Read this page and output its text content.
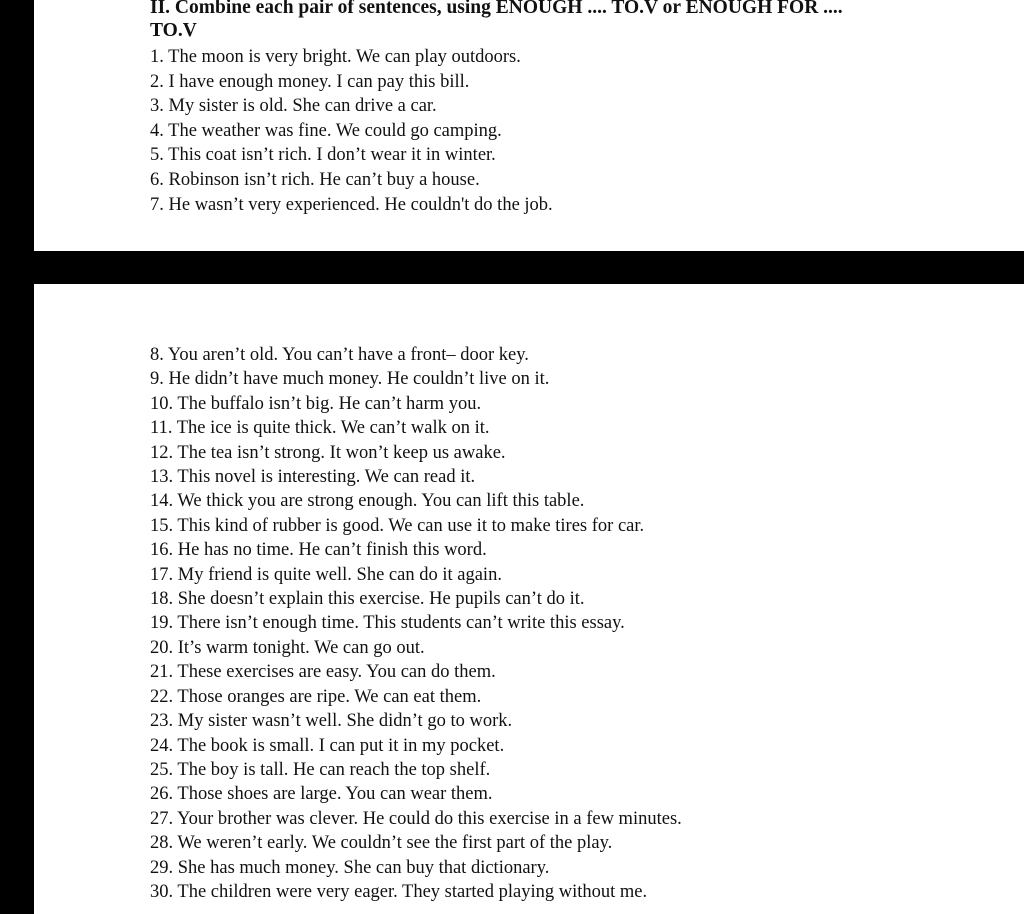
II. Combine each pair of sentences, using ENOUGH .... TO.V or ENOUGH FOR ....
TO.V
1. The moon is very bright. We can play outdoors.
2. I have enough money. I can pay this bill.
3. My sister is old. She can drive a car.
4. The weather was fine. We could go camping.
5. This coat isn’t rich. I don’t wear it in winter.
6. Robinson isn’t rich. He can’t buy a house.
7. He wasn’t very experienced. He couldn't do the job.
8. You aren’t old. You can’t have a front– door key.
9. He didn’t have much money. He couldn’t live on it.
10. The buffalo isn’t big. He can’t harm you.
11. The ice is quite thick. We can’t walk on it.
12. The tea isn’t strong. It won’t keep us awake.
13. This novel is interesting. We can read it.
14. We thick you are strong enough. You can lift this table.
15. This kind of rubber is good. We can use it to make tires for car.
16. He has no time. He can’t finish this word.
17. My friend is quite well. She can do it again.
18. She doesn’t explain this exercise. He pupils can’t do it.
19. There isn’t enough time. This students can’t write this essay.
20. It’s warm tonight. We can go out.
21. These exercises are easy. You can do them.
22. Those oranges are ripe. We can eat them.
23. My sister wasn’t well. She didn’t go to work.
24. The book is small. I can put it in my pocket.
25. The boy is tall. He can reach the top shelf.
26. Those shoes are large. You can wear them.
27. Your brother was clever. He could do this exercise in a few minutes.
28. We weren’t early. We couldn’t see the first part of the play.
29. She has much money. She can buy that dictionary.
30. The children were very eager. They started playing without me.
